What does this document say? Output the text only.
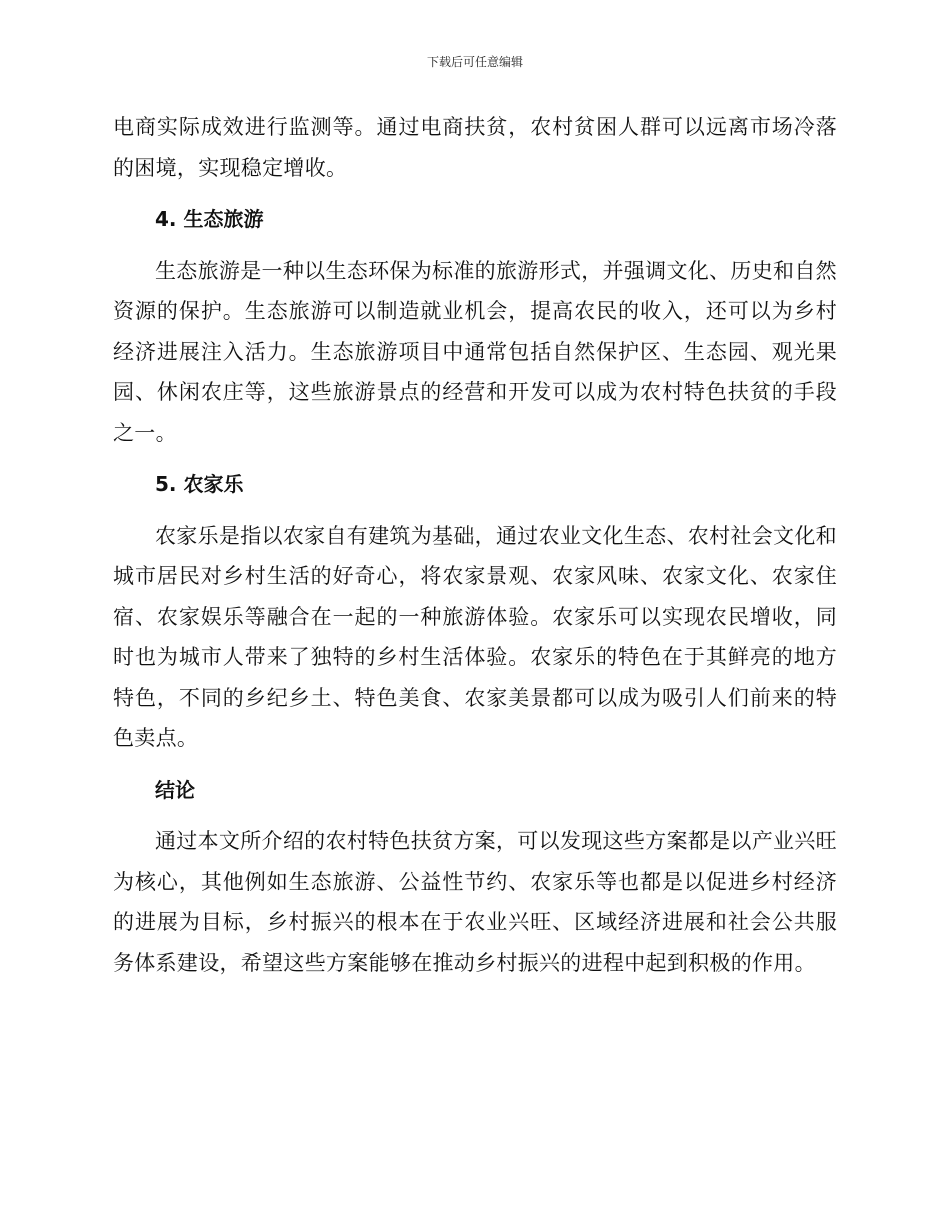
下载后可任意编辑

电商实际成效进行监测等。通过电商扶贫，农村贫困人群可以远离市场冷落的困境，实现稳定增收。

4. 生态旅游

生态旅游是一种以生态环保为标准的旅游形式，并强调文化、历史和自然资源的保护。生态旅游可以制造就业机会，提高农民的收入，还可以为乡村经济进展注入活力。生态旅游项目中通常包括自然保护区、生态园、观光果园、休闲农庄等，这些旅游景点的经营和开发可以成为农村特色扶贫的手段之一。

5. 农家乐

农家乐是指以农家自有建筑为基础，通过农业文化生态、农村社会文化和城市居民对乡村生活的好奇心，将农家景观、农家风味、农家文化、农家住宿、农家娱乐等融合在一起的一种旅游体验。农家乐可以实现农民增收，同时也为城市人带来了独特的乡村生活体验。农家乐的特色在于其鲜亮的地方特色，不同的乡纪乡土、特色美食、农家美景都可以成为吸引人们前来的特色卖点。

结论

通过本文所介绍的农村特色扶贫方案，可以发现这些方案都是以产业兴旺为核心，其他例如生态旅游、公益性节约、农家乐等也都是以促进乡村经济的进展为目标，乡村振兴的根本在于农业兴旺、区域经济进展和社会公共服务体系建设，希望这些方案能够在推动乡村振兴的进程中起到积极的作用。
